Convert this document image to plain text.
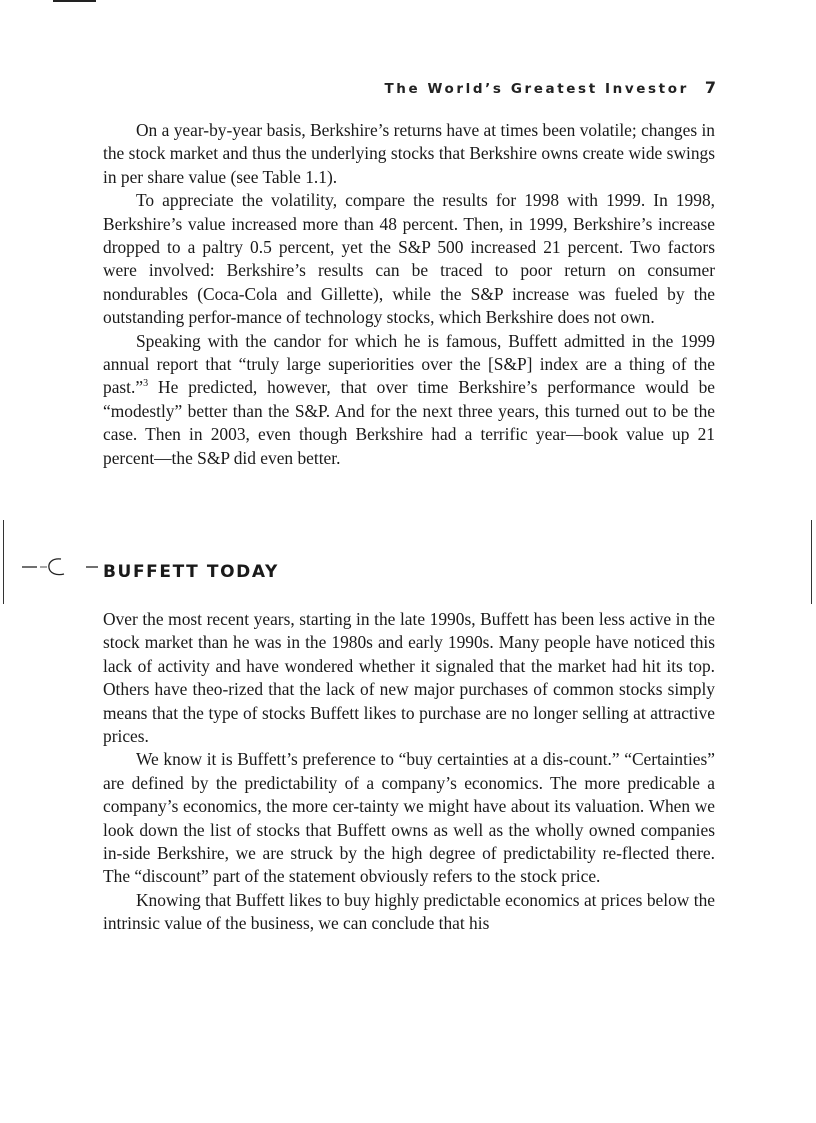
The World’s Greatest Investor 7

On a year-by-year basis, Berkshire’s returns have at times been volatile; changes in the stock market and thus the underlying stocks that Berkshire owns create wide swings in per share value (see Table 1.1).

To appreciate the volatility, compare the results for 1998 with 1999. In 1998, Berkshire’s value increased more than 48 percent. Then, in 1999, Berkshire’s increase dropped to a paltry 0.5 percent, yet the S&P 500 increased 21 percent. Two factors were involved: Berkshire’s results can be traced to poor return on consumer nondurables (Coca-Cola and Gillette), while the S&P increase was fueled by the outstanding perfor-mance of technology stocks, which Berkshire does not own.

Speaking with the candor for which he is famous, Buffett admitted in the 1999 annual report that “truly large superiorities over the [S&P] index are a thing of the past.”$^3$ He predicted, however, that over time Berkshire’s performance would be “modestly” better than the S&P. And for the next three years, this turned out to be the case. Then in 2003, even though Berkshire had a terrific year—book value up 21 percent—the S&P did even better.

BUFFETT TODAY

Over the most recent years, starting in the late 1990s, Buffett has been less active in the stock market than he was in the 1980s and early 1990s. Many people have noticed this lack of activity and have wondered whether it signaled that the market had hit its top. Others have theo-rized that the lack of new major purchases of common stocks simply means that the type of stocks Buffett likes to purchase are no longer selling at attractive prices.

We know it is Buffett’s preference to “buy certainties at a dis-count.” “Certainties” are defined by the predictability of a company’s economics. The more predicable a company’s economics, the more cer-tainty we might have about its valuation. When we look down the list of stocks that Buffett owns as well as the wholly owned companies in-side Berkshire, we are struck by the high degree of predictability re-flected there. The “discount” part of the statement obviously refers to the stock price.

Knowing that Buffett likes to buy highly predictable economics at prices below the intrinsic value of the business, we can conclude that his
